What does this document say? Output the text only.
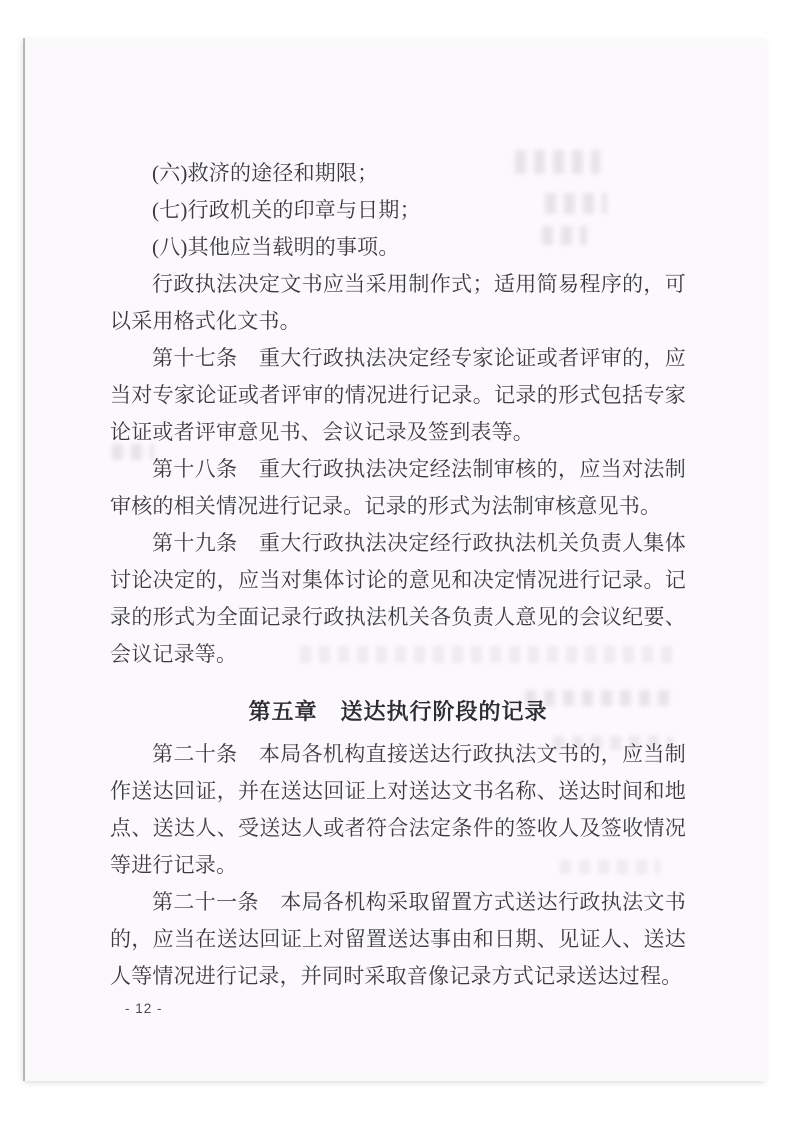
(六)救济的途径和期限；

(七)行政机关的印章与日期；

(八)其他应当载明的事项。

行政执法决定文书应当采用制作式；适用简易程序的，可以采用格式化文书。

第十七条　重大行政执法决定经专家论证或者评审的，应当对专家论证或者评审的情况进行记录。记录的形式包括专家论证或者评审意见书、会议记录及签到表等。

第十八条　重大行政执法决定经法制审核的，应当对法制审核的相关情况进行记录。记录的形式为法制审核意见书。

第十九条　重大行政执法决定经行政执法机关负责人集体讨论决定的，应当对集体讨论的意见和决定情况进行记录。记录的形式为全面记录行政执法机关各负责人意见的会议纪要、会议记录等。

第五章　送达执行阶段的记录

第二十条　本局各机构直接送达行政执法文书的，应当制作送达回证，并在送达回证上对送达文书名称、送达时间和地点、送达人、受送达人或者符合法定条件的签收人及签收情况等进行记录。

第二十一条　本局各机构采取留置方式送达行政执法文书的，应当在送达回证上对留置送达事由和日期、见证人、送达人等情况进行记录，并同时采取音像记录方式记录送达过程。

- 12 -
